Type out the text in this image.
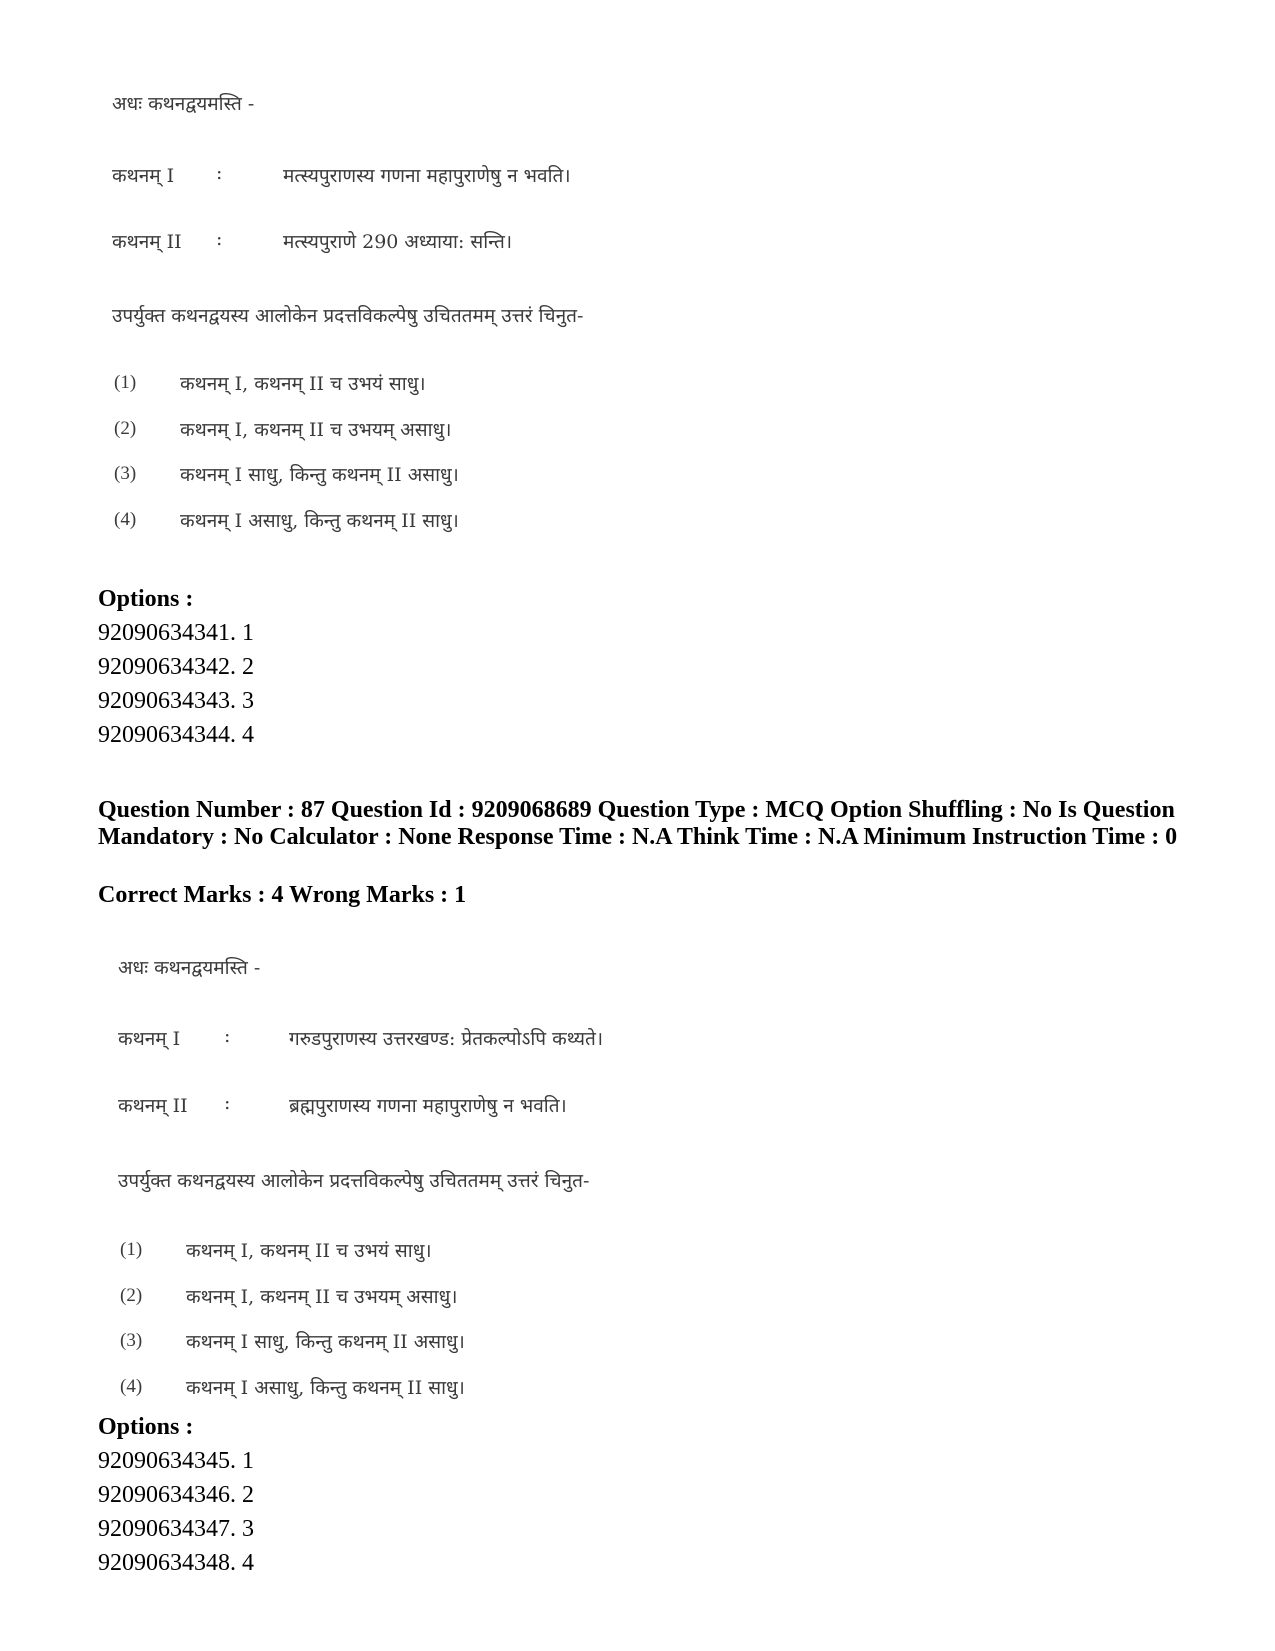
अधः कथनद्वयमस्ति -
कथनम् I :	मत्स्यपुराणस्य गणना महापुराणेषु न भवति।
कथनम् II :	मत्स्यपुराणे 290 अध्याया: सन्ति।
उपर्युक्त कथनद्वयस्य आलोकेन प्रदत्तविकल्पेषु उचिततमम् उत्तरं चिनुत-
(1) कथनम् I, कथनम् II च उभयं साधु।
(2) कथनम् I, कथनम् II च उभयम् असाधु।
(3) कथनम् I साधु, किन्तु कथनम् II असाधु।
(4) कथनम् I असाधु, किन्तु कथनम् II साधु।
Options :
92090634341. 1
92090634342. 2
92090634343. 3
92090634344. 4
Question Number : 87 Question Id : 9209068689 Question Type : MCQ Option Shuffling : No Is Question Mandatory : No Calculator : None Response Time : N.A Think Time : N.A Minimum Instruction Time : 0
Correct Marks : 4 Wrong Marks : 1
अधः कथनद्वयमस्ति -
कथनम् I :	गरुडपुराणस्य उत्तरखण्ड: प्रेतकल्पोऽपि कथ्यते।
कथनम् II :	ब्रह्मपुराणस्य गणना महापुराणेषु न भवति।
उपर्युक्त कथनद्वयस्य आलोकेन प्रदत्तविकल्पेषु उचिततमम् उत्तरं चिनुत-
(1) कथनम् I, कथनम् II च उभयं साधु।
(2) कथनम् I, कथनम् II च उभयम् असाधु।
(3) कथनम् I साधु, किन्तु कथनम् II असाधु।
(4) कथनम् I असाधु, किन्तु कथनम् II साधु।
Options :
92090634345. 1
92090634346. 2
92090634347. 3
92090634348. 4
